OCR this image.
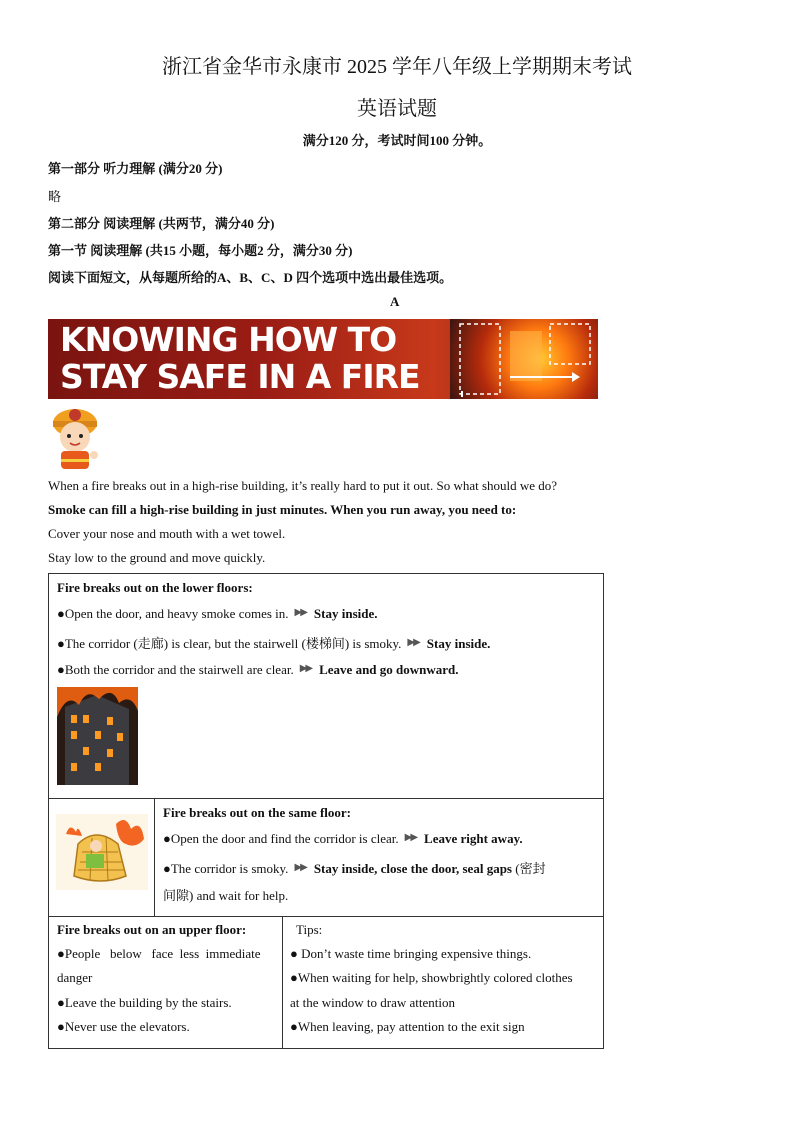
浙江省金华市永康市 2025 学年八年级上学期期末考试
英语试题
满分120 分，考试时间100 分钟。
第一部分 听力理解 (满分20 分)
略
第二部分 阅读理解 (共两节，满分40 分)
第一节 阅读理解 (共15 小题，每小题2 分，满分30 分)
阅读下面短文，从每题所给的A、B、C、D 四个选项中选出最佳选项。
A
KNOWING HOW TO
STAY SAFE IN A FIRE
When a fire breaks out in a high-rise building, it’s really hard to put it out. So what should we do?
Smoke can fill a high-rise building in just minutes. When you run away, you need to:
Cover your nose and mouth with a wet towel.
Stay low to the ground and move quickly.
Fire breaks out on the lower floors:
●Open the door, and heavy smoke comes in. ▶▶ Stay inside.
●The corridor (走廊) is clear, but the stairwell (楼梯间) is smoky. ▶▶ Stay inside.
●Both the corridor and the stairwell are clear. ▶▶ Leave and go downward.
Fire breaks out on the same floor:
●Open the door and find the corridor is clear. ▶▶ Leave right away.
●The corridor is smoky. ▶▶ Stay inside, close the door, seal gaps (密封
间隙) and wait for help.
Fire breaks out on an upper floor:
●People   below   face  less  immediate
danger
●Leave the building by the stairs.
●Never use the elevators.
Tips:
● Don’t waste time bringing expensive things.
●When waiting for help, showbrightly colored clothes
at the window to draw attention
●When leaving, pay attention to the exit sign
